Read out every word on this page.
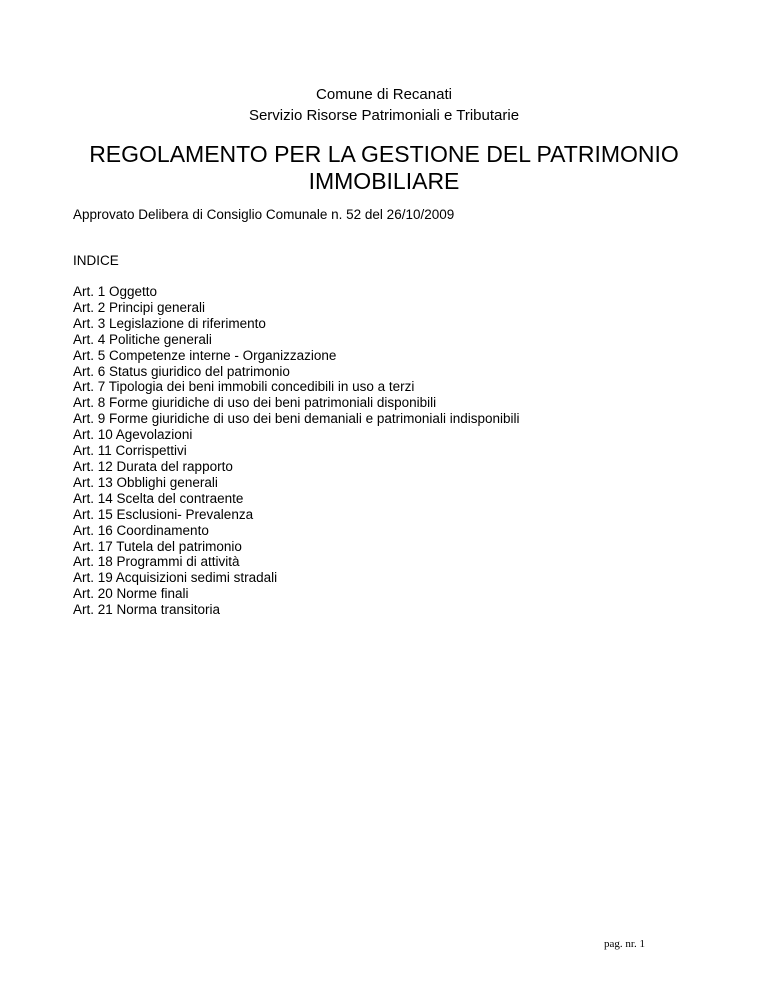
Comune di Recanati
Servizio Risorse Patrimoniali e Tributarie
REGOLAMENTO PER LA GESTIONE DEL PATRIMONIO IMMOBILIARE
Approvato Delibera di Consiglio Comunale n. 52 del 26/10/2009
INDICE
Art. 1 Oggetto
Art. 2 Principi generali
Art. 3 Legislazione di riferimento
Art. 4 Politiche generali
Art. 5 Competenze interne - Organizzazione
Art. 6 Status giuridico del patrimonio
Art. 7 Tipologia dei beni immobili concedibili in uso a terzi
Art. 8 Forme giuridiche di uso dei beni patrimoniali disponibili
Art. 9 Forme giuridiche di uso dei beni demaniali e patrimoniali indisponibili
Art. 10 Agevolazioni
Art. 11 Corrispettivi
Art. 12 Durata del rapporto
Art. 13 Obblighi generali
Art. 14 Scelta del contraente
Art. 15 Esclusioni- Prevalenza
Art. 16 Coordinamento
Art. 17 Tutela del patrimonio
Art. 18 Programmi di attività
Art. 19 Acquisizioni sedimi stradali
Art. 20 Norme finali
Art. 21 Norma transitoria
pag. nr. 1
